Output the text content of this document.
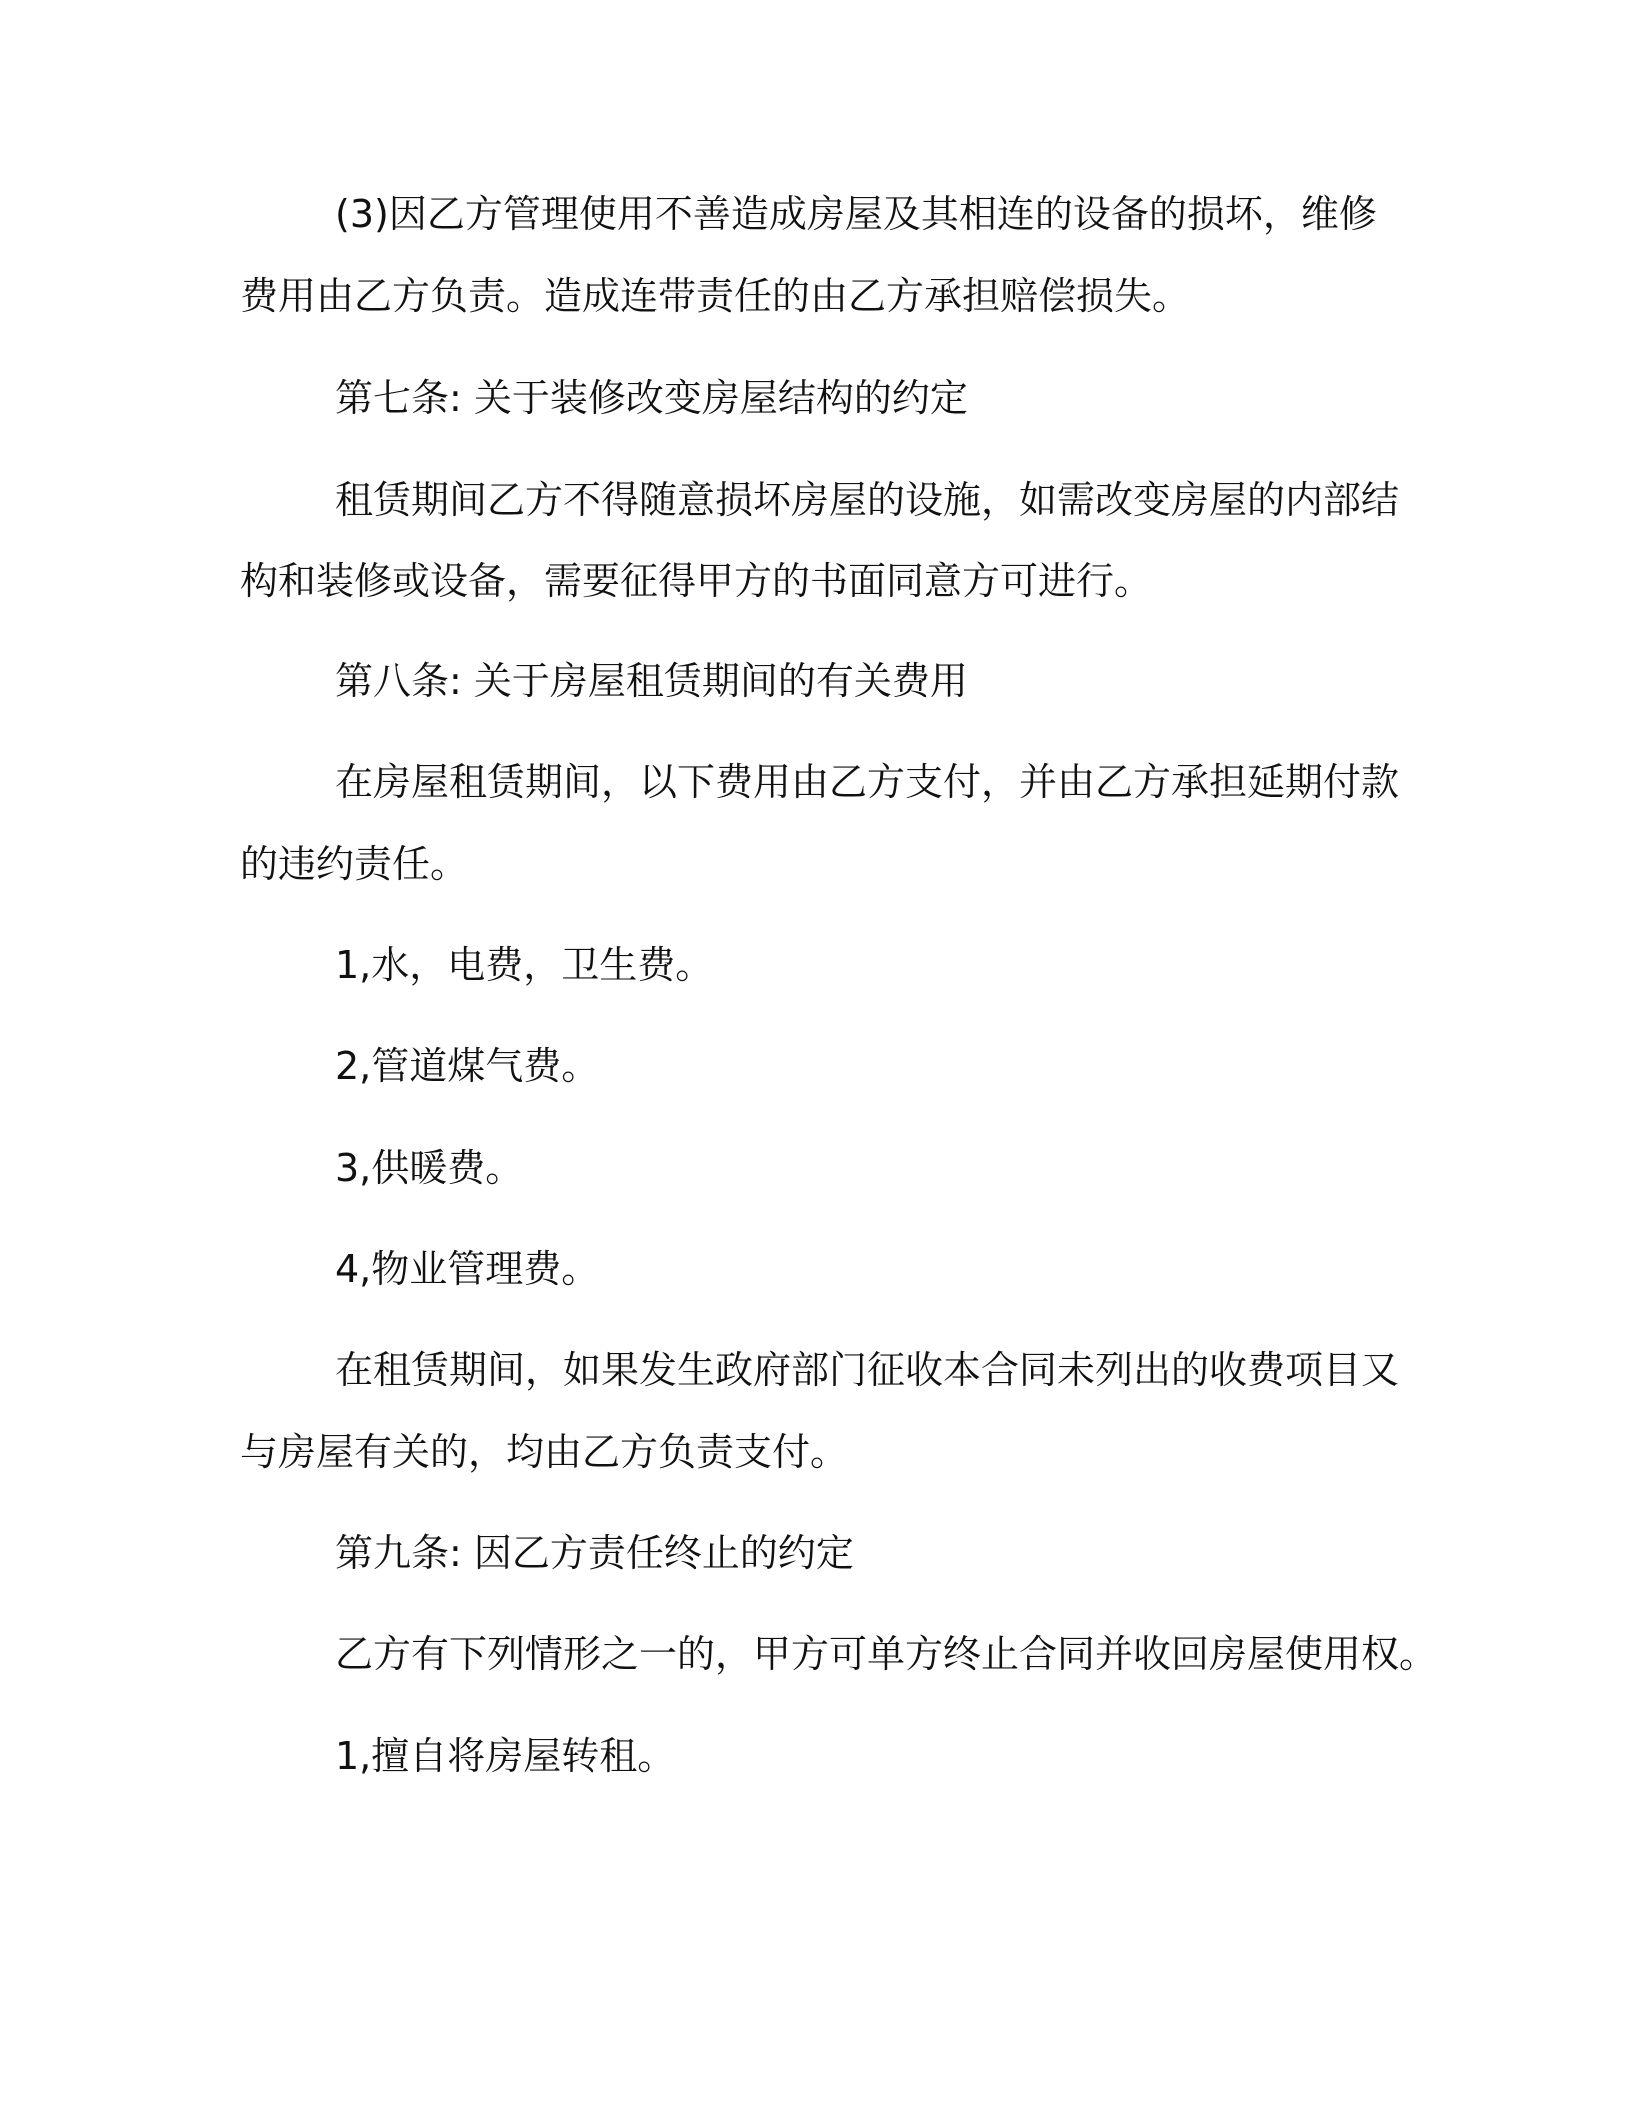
(3)因乙方管理使用不善造成房屋及其相连的设备的损坏，维修
费用由乙方负责。造成连带责任的由乙方承担赔偿损失。
第七条: 关于装修改变房屋结构的约定
租赁期间乙方不得随意损坏房屋的设施，如需改变房屋的内部结
构和装修或设备，需要征得甲方的书面同意方可进行。
第八条: 关于房屋租赁期间的有关费用
在房屋租赁期间，以下费用由乙方支付，并由乙方承担延期付款
的违约责任。
1,水，电费，卫生费。
2,管道煤气费。
3,供暖费。
4,物业管理费。
在租赁期间，如果发生政府部门征收本合同未列出的收费项目又
与房屋有关的，均由乙方负责支付。
第九条: 因乙方责任终止的约定
乙方有下列情形之一的，甲方可单方终止合同并收回房屋使用权。
1,擅自将房屋转租。
